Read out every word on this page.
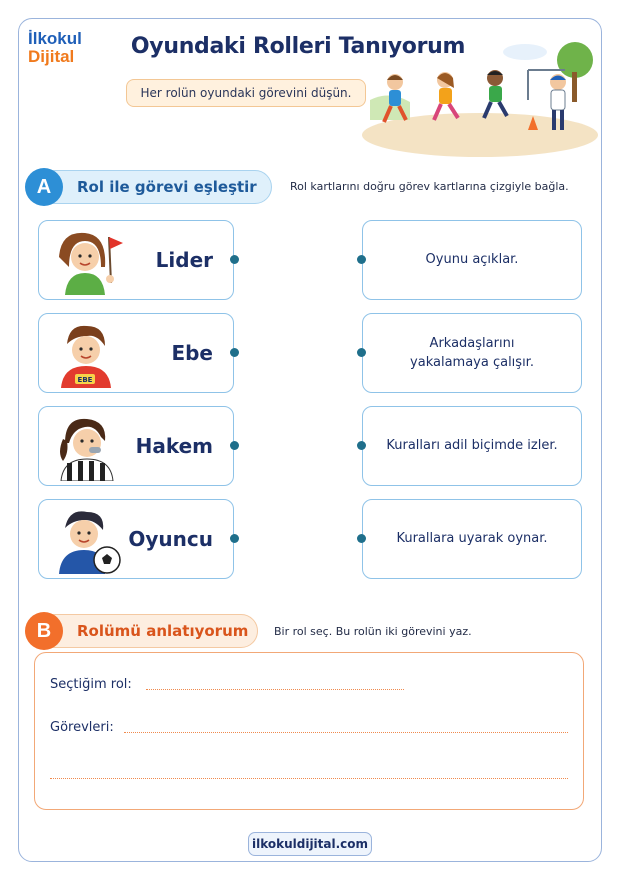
İlkokul
Dijital	Oyundaki Rolleri Tanıyorum
Her rolün oyundaki görevini düşün.
A	Rol ile görevi eşleştir	Rol kartlarını doğru görev kartlarına çizgiyle bağla.
Lider
EBE
Ebe
Hakem
Oyuncu
Oyunu açıklar.
Arkadaşlarını yakalamaya çalışır.
Kuralları adil biçimde izler.
Kurallara uyarak oynar.
B	Rolümü anlatıyorum Bir rol seç. Bu rolün iki görevini yaz.
Seçtiğim rol:
Görevleri:
ilkokuldijital.com
